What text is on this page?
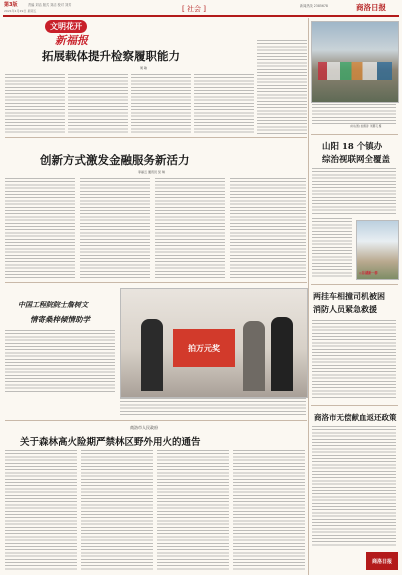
第3版	责编 刘洁 版式 刘洁 校对 刘芳
2021年1月29日 星期五	[ 社会 ]	新闻热线 2385678	商洛日报
文明花开
新福报
拓展载体提升检察履职能力
周 敏
(如右图) 拍摄者: 周鹏飞 摄
创新方式激发金融服务新活力
李丽云 通讯员 吴 琪
中国工程院院士詹树文
情寄桑梓倾情助学
拍万元奖
商洛市人民政府
关于森林高火险期严禁林区野外用火的通告
山阳 18 个镇办
综治视联网全覆盖
◎东湖新一桥
两挂车相撞司机被困
消防人员紧急救援
商洛市无偿献血返还政策
商洛日报
